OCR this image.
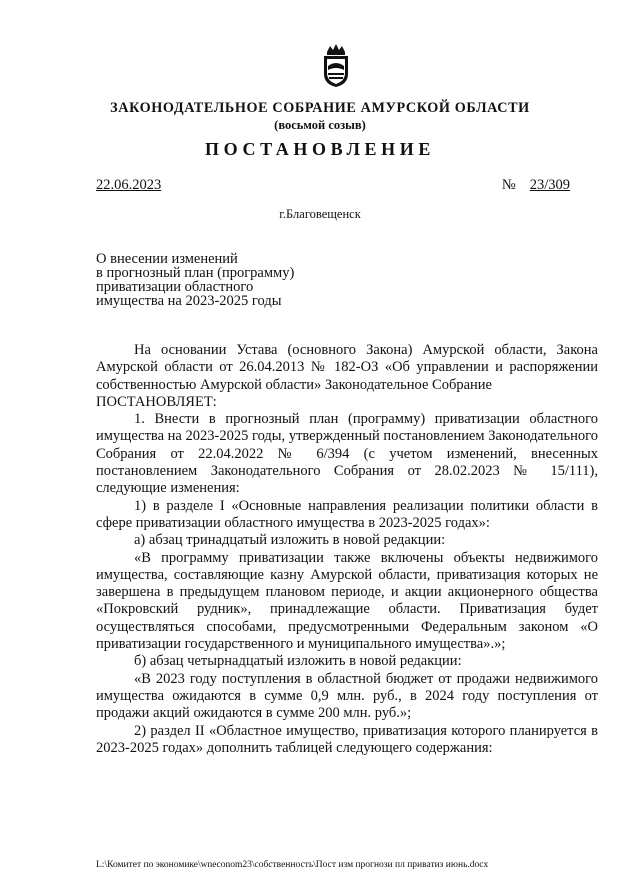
ЗАКОНОДАТЕЛЬНОЕ СОБРАНИЕ АМУРСКОЙ ОБЛАСТИ
(восьмой созыв)
ПОСТАНОВЛЕНИЕ
22.06.2023	№ 23/309
г.Благовещенск
О внесении изменений
в прогнозный план (программу)
приватизации областного
имущества на 2023-2025 годы

На основании Устава (основного Закона) Амурской области, Закона Амурской области от 26.04.2013 № 182-ОЗ «Об управлении и распоряжении собственностью Амурской области» Законодательное Собрание

ПОСТАНОВЛЯЕТ:

1. Внести в прогнозный план (программу) приватизации областного имущества на 2023-2025 годы, утвержденный постановлением Законодательного Собрания от 22.04.2022 № 6/394 (с учетом изменений, внесенных постановлением Законодательного Собрания от 28.02.2023 № 15/111), следующие изменения:

1) в разделе I «Основные направления реализации политики области в сфере приватизации областного имущества в 2023-2025 годах»:

а) абзац тринадцатый изложить в новой редакции:

«В программу приватизации также включены объекты недвижимого имущества, составляющие казну Амурской области, приватизация которых не завершена в предыдущем плановом периоде, и акции акционерного общества «Покровский рудник», принадлежащие области. Приватизация будет осуществляться способами, предусмотренными Федеральным законом «О приватизации государственного и муниципального имущества».»;

б) абзац четырнадцатый изложить в новой редакции:

«В 2023 году поступления в областной бюджет от продажи недвижимого имущества ожидаются в сумме 0,9 млн. руб., в 2024 году поступления от продажи акций ожидаются в сумме 200 млн. руб.»;

2) раздел II «Областное имущество, приватизация которого планируется в 2023-2025 годах» дополнить таблицей следующего содержания:

L:\Комитет по экономике\wneconom23\собственность\Пост изм прогнози пл приватиз июнь.docx
